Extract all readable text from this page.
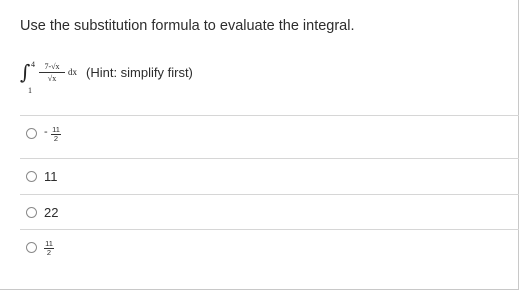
Use the substitution formula to evaluate the integral.
∫ 4
1
7-√x
√x
dx (Hint: simplify first)
- 11
2
11
22
11
2
